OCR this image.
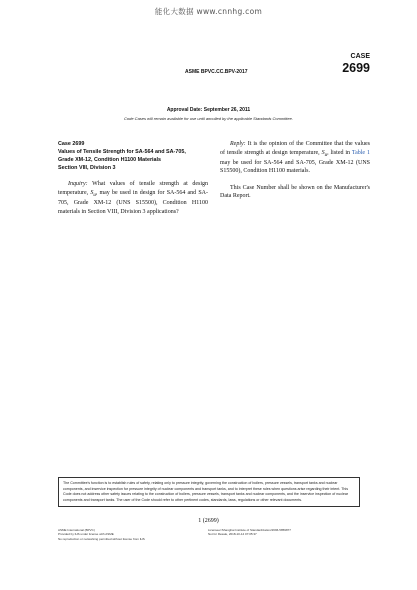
能化大数据 www.cnnhg.com
CASE
2699
ASME BPVC.CC.BPV-2017
Approval Date: September 26, 2011
Code Cases will remain available for use until annulled by the applicable Standards Committee.
Case 2699
Values of Tensile Strength for SA-564 and SA-705,
Grade XM-12, Condition H1100 Materials
Section VIII, Division 3

Inquiry: What values of tensile strength at design temperature, $S_u$, may be used in design for SA-564 and SA-705, Grade XM-12 (UNS S15500), Condition H1100 materials in Section VIII, Division 3 applications?

Reply: It is the opinion of the Committee that the values of tensile strength at design temperature, $S_u$, listed in Table 1 may be used for SA-564 and SA-705, Grade XM-12 (UNS S15500), Condition H1100 materials.

This Case Number shall be shown on the Manufacturer's Data Report.

The Committee's function is to establish rules of safety, relating only to pressure integrity, governing the construction of boilers, pressure vessels, transport tanks and nuclear components, and inservice inspection for pressure integrity of nuclear components and transport tanks, and to interpret these rules when questions arise regarding their intent. This Code does not address other safety issues relating to the construction of boilers, pressure vessels, transport tanks and nuclear components, and the inservice inspection of nuclear components and transport tanks. The user of the Code should refer to other pertinent codes, standards, laws, regulations or other relevant documents.
1 (2699)
ASME International (BPVC)
Provided by IHS under license with ASME
No reproduction or networking permitted without license from IHS
Licensee=Shanghai Institute of Standardization/2696-5859877
Not for Resale, 2018-10-14 07:05:37
